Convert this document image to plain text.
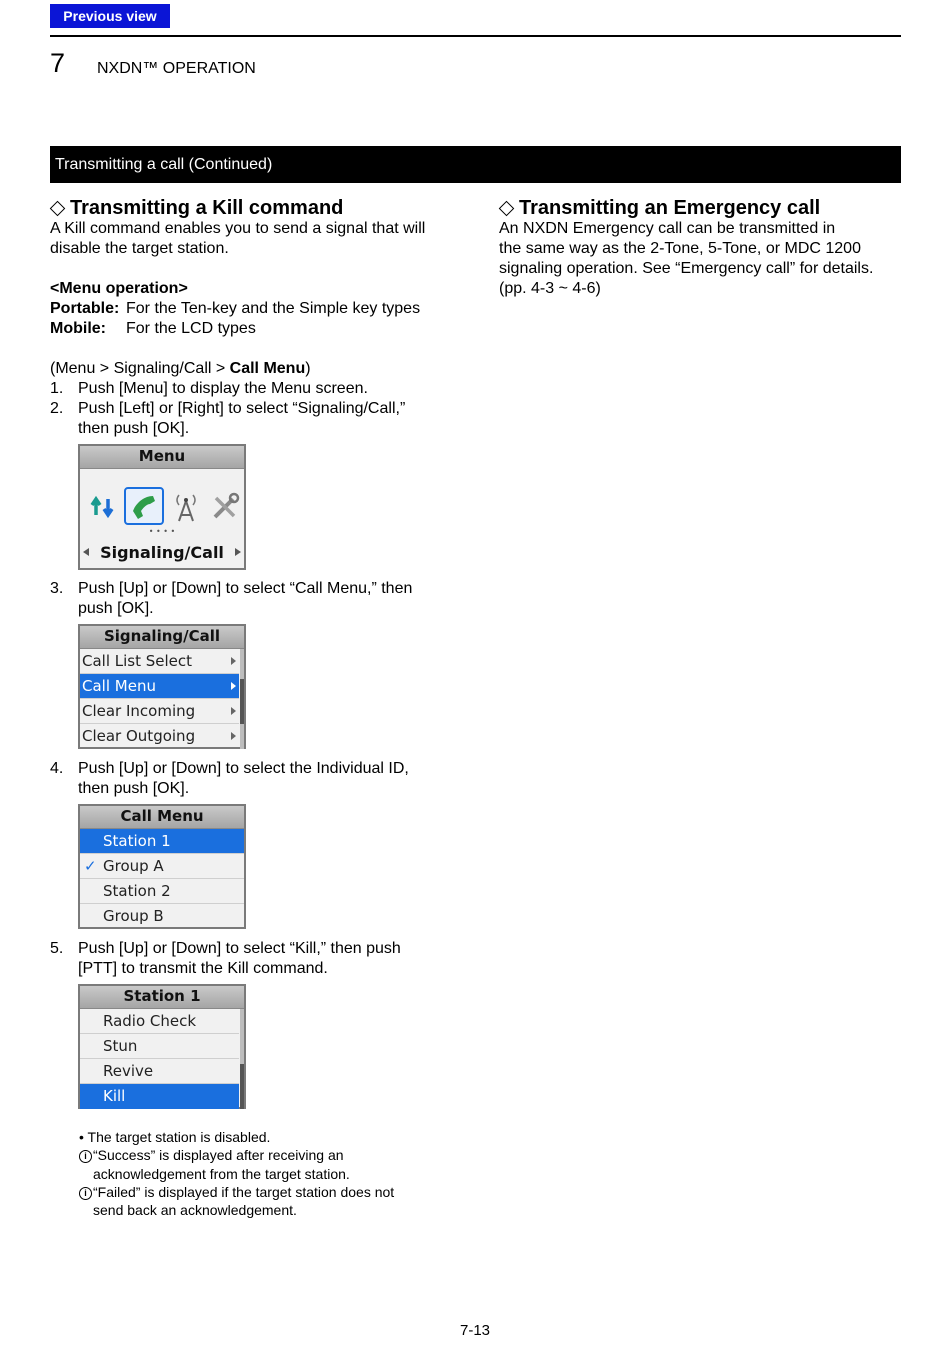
Previous view
7 NXDN™ OPERATION
Transmitting a call (Continued)
Transmitting a Kill command
A Kill command enables you to send a signal that will
disable the target station.
<Menu operation>
Portable: For the Ten-key and the Simple key types
Mobile: For the LCD types
(Menu > Signaling/Call > Call Menu)
1. Push [Menu] to display the Menu screen.
2. Push [Left] or [Right] to select “Signaling/Call,”
then push [OK].
Menu
• • • •
Signaling/Call
3. Push [Up] or [Down] to select “Call Menu,” then
push [OK].
Signaling/Call
Call List Select
Call Menu
Clear Incoming
Clear Outgoing
4. Push [Up] or [Down] to select the Individual ID,
then push [OK].
Call Menu
Station 1
✓ Group A
Station 2
Group B
5. Push [Up] or [Down] to select “Kill,” then push
[PTT] to transmit the Kill command.
Station 1
Radio Check
Stun
Revive
Kill
• The target station is disabled.
i “Success” is displayed after receiving an
acknowledgement from the target station.
i “Failed” is displayed if the target station does not
send back an acknowledgement.
Transmitting an Emergency call
An NXDN Emergency call can be transmitted in
the same way as the 2-Tone, 5-Tone, or MDC 1200
signaling operation. See “Emergency call” for details.
(pp. 4-3 ~ 4-6)
7-13
